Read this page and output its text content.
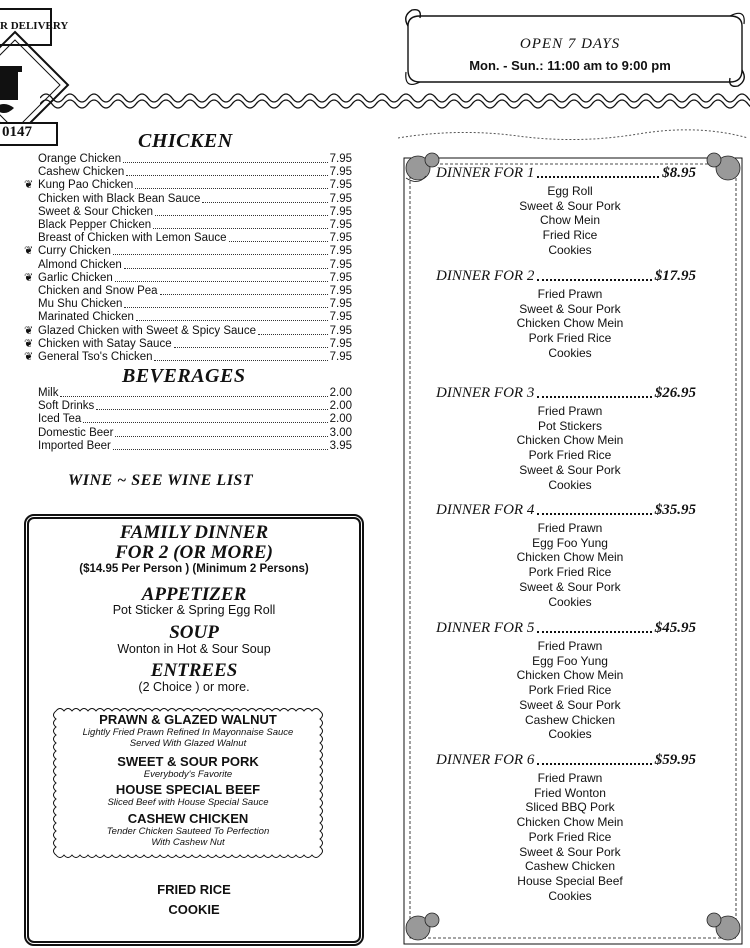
R DELIVERY
0147
OPEN 7 DAYS
Mon. - Sun.: 11:00 am to 9:00 pm
CHICKEN
Orange Chicken	7.95
Cashew Chicken	7.95
❦ Kung Pao Chicken	7.95
Chicken with Black Bean Sauce	7.95
Sweet & Sour Chicken	7.95
Black Pepper Chicken	7.95
Breast of Chicken with Lemon Sauce	7.95
❦ Curry Chicken	7.95
Almond Chicken	7.95
❦ Garlic Chicken	7.95
Chicken and Snow Pea	7.95
Mu Shu Chicken	7.95
Marinated Chicken	7.95
❦ Glazed Chicken with Sweet & Spicy Sauce	7.95
❦ Chicken with Satay Sauce	7.95
❦ General Tso's Chicken	7.95
BEVERAGES
Milk	2.00
Soft Drinks	2.00
Iced Tea	2.00
Domestic Beer	3.00
Imported Beer	3.95
WINE ~ SEE WINE LIST
FAMILY DINNER
FOR 2 (OR MORE)
($14.95 Per Person ) (Minimum 2 Persons)
APPETIZER
Pot Sticker & Spring Egg Roll
SOUP
Wonton in Hot & Sour Soup
ENTREES
(2 Choice ) or more.
PRAWN & GLAZED WALNUT
Lightly Fried Prawn Refined In Mayonnaise Sauce
Served With Glazed Walnut
SWEET & SOUR PORK
Everybody's Favorite
HOUSE SPECIAL BEEF
Sliced Beef with House Special Sauce
CASHEW CHICKEN
Tender Chicken Sauteed To Perfection
With Cashew Nut
FRIED RICE
COOKIE
DINNER FOR 1	$8.95
Egg Roll
Sweet & Sour Pork
Chow Mein
Fried Rice
Cookies
DINNER FOR 2	$17.95
Fried Prawn
Sweet & Sour Pork
Chicken Chow Mein
Pork Fried Rice
Cookies
DINNER FOR 3	$26.95
Fried Prawn
Pot Stickers
Chicken Chow Mein
Pork Fried Rice
Sweet & Sour Pork
Cookies
DINNER FOR 4	$35.95
Fried Prawn
Egg Foo Yung
Chicken Chow Mein
Pork Fried Rice
Sweet & Sour Pork
Cookies
DINNER FOR 5	$45.95
Fried Prawn
Egg Foo Yung
Chicken Chow Mein
Pork Fried Rice
Sweet & Sour Pork
Cashew Chicken
Cookies
DINNER FOR 6	$59.95
Fried Prawn
Fried Wonton
Sliced BBQ Pork
Chicken Chow Mein
Pork Fried Rice
Sweet & Sour Pork
Cashew Chicken
House Special Beef
Cookies
